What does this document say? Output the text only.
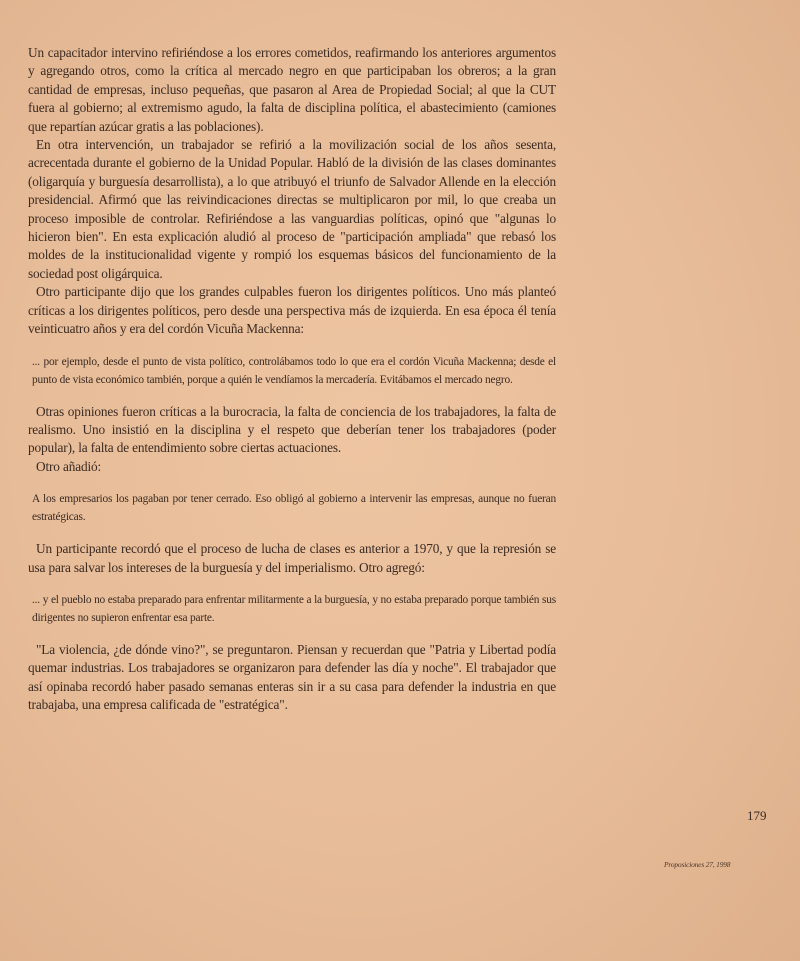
Un capacitador intervino refiriéndose a los errores cometidos, reafirmando los anteriores argumentos y agregando otros, como la crítica al mercado negro en que participaban los obreros; a la gran cantidad de empresas, incluso pequeñas, que pasaron al Area de Propiedad Social; al que la CUT fuera al gobierno; al extremismo agudo, la falta de disciplina política, el abastecimiento (camiones que repartían azúcar gratis a las poblaciones).

En otra intervención, un trabajador se refirió a la movilización social de los años sesenta, acrecentada durante el gobierno de la Unidad Popular. Habló de la división de las clases dominantes (oligarquía y burguesía desarrollista), a lo que atribuyó el triunfo de Salvador Allende en la elección presidencial. Afirmó que las reivindicaciones directas se multiplicaron por mil, lo que creaba un proceso imposible de controlar. Refiriéndose a las vanguardias políticas, opinó que "algunas lo hicieron bien". En esta explicación aludió al proceso de "participación ampliada" que rebasó los moldes de la institucionalidad vigente y rompió los esquemas básicos del funcionamiento de la sociedad post oligárquica.

Otro participante dijo que los grandes culpables fueron los dirigentes políticos. Uno más planteó críticas a los dirigentes políticos, pero desde una perspectiva más de izquierda. En esa época él tenía veinticuatro años y era del cordón Vicuña Mackenna:

... por ejemplo, desde el punto de vista político, controlábamos todo lo que era el cordón Vicuña Mackenna; desde el punto de vista económico también, porque a quién le vendíamos la mercadería. Evitábamos el mercado negro.

Otras opiniones fueron críticas a la burocracia, la falta de conciencia de los trabajadores, la falta de realismo. Uno insistió en la disciplina y el respeto que deberían tener los trabajadores (poder popular), la falta de entendimiento sobre ciertas actuaciones.

Otro añadió:

A los empresarios los pagaban por tener cerrado. Eso obligó al gobierno a intervenir las empresas, aunque no fueran estratégicas.

Un participante recordó que el proceso de lucha de clases es anterior a 1970, y que la represión se usa para salvar los intereses de la burguesía y del imperialismo. Otro agregó:

... y el pueblo no estaba preparado para enfrentar militarmente a la burguesía, y no estaba preparado porque también sus dirigentes no supieron enfrentar esa parte.

"La violencia, ¿de dónde vino?", se preguntaron. Piensan y recuerdan que "Patria y Libertad podía quemar industrias. Los trabajadores se organizaron para defender las día y noche". El trabajador que así opinaba recordó haber pasado semanas enteras sin ir a su casa para defender la industria en que trabajaba, una empresa calificada de "estratégica".

179
Proposiciones 27, 1998
